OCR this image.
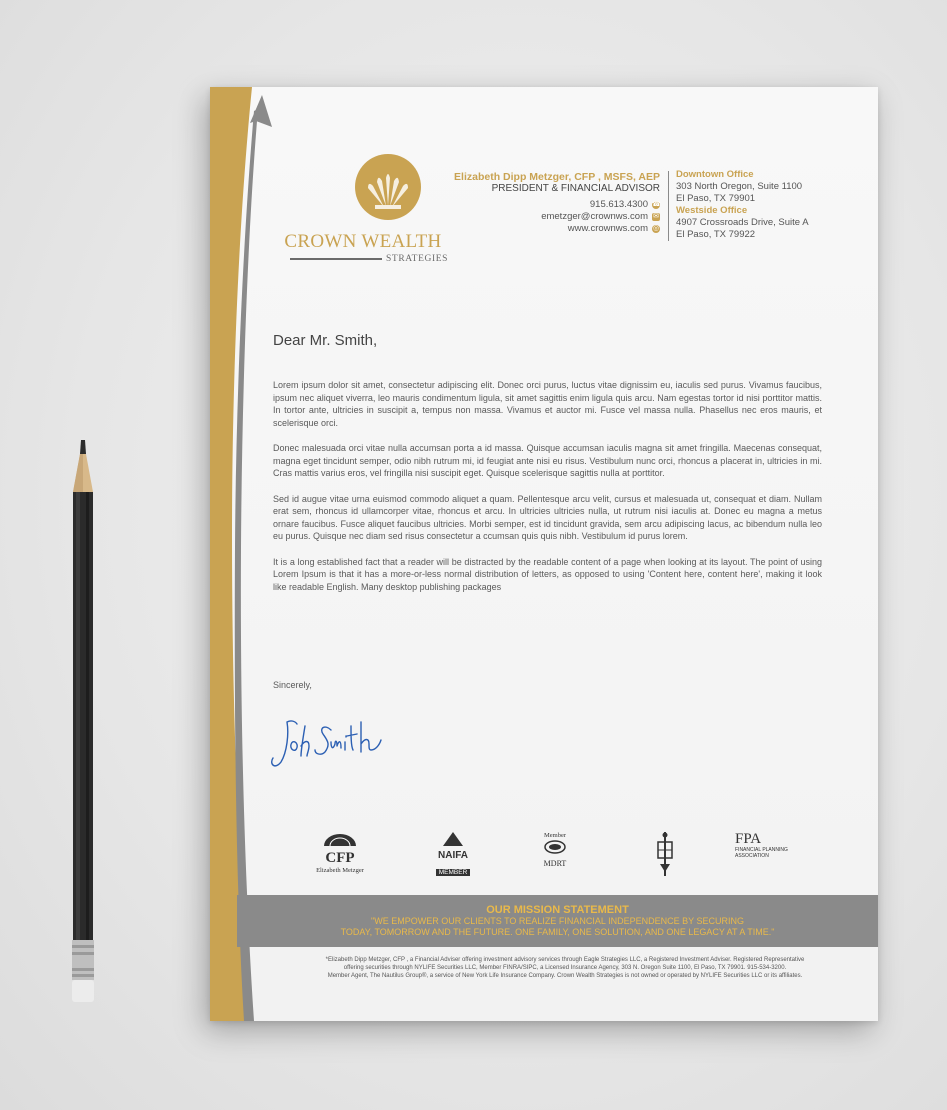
CROWN WEALTH
STRATEGIES
Elizabeth Dipp Metzger, CFP , MSFS, AEP
PRESIDENT & FINANCIAL ADVISOR
915.613.4300 ☎
emetzger@crownws.com ✉
www.crownws.com ◎
Downtown Office
303 North Oregon, Suite 1100
El Paso, TX 79901
Westside Office
4907 Crossroads Drive, Suite A
El Paso, TX 79922
Dear Mr. Smith,

Lorem ipsum dolor sit amet, consectetur adipiscing elit. Donec orci purus, luctus vitae dignissim eu, iaculis sed purus. Vivamus faucibus, ipsum nec aliquet viverra, leo mauris condimentum ligula, sit amet sagittis enim ligula quis arcu. Nam egestas tortor id nisi porttitor mattis. In tortor ante, ultricies in suscipit a, tempus non massa. Vivamus et auctor mi. Fusce vel massa nulla. Phasellus nec eros mauris, et scelerisque orci.

Donec malesuada orci vitae nulla accumsan porta a id massa. Quisque accumsan iaculis magna sit amet fringilla. Maecenas consequat, magna eget tincidunt semper, odio nibh rutrum mi, id feugiat ante nisi eu risus. Vestibulum nunc orci, rhoncus a placerat in, ultricies in mi. Cras mattis varius eros, vel fringilla nisi suscipit eget. Quisque scelerisque sagittis nulla at porttitor.

Sed id augue vitae urna euismod commodo aliquet a quam. Pellentesque arcu velit, cursus et malesuada ut, consequat et diam. Nullam erat sem, rhoncus id ullamcorper vitae, rhoncus et arcu. In ultricies ultricies nulla, ut rutrum nisi iaculis at. Donec eu magna a metus ornare faucibus. Fusce aliquet faucibus ultricies. Morbi semper, est id tincidunt gravida, sem arcu adipiscing lacus, ac bibendum nulla leo eu purus. Quisque nec diam sed risus consectetur a ccumsan quis quis nibh. Vestibulum id purus lorem.

It is a long established fact that a reader will be distracted by the readable content of a page when looking at its layout. The point of using Lorem Ipsum is that it has a more-or-less normal distribution of letters, as opposed to using 'Content here, content here', making it look like readable English. Many desktop publishing packages

Sincerely,
CFP
Elizabeth Metzger
NAIFA
MEMBER
Member
MDRT
FPA
FINANCIAL PLANNING
ASSOCIATION
OUR MISSION STATEMENT
"WE EMPOWER OUR CLIENTS TO REALIZE FINANCIAL INDEPENDENCE BY SECURING
TODAY, TOMORROW AND THE FUTURE. ONE FAMILY, ONE SOLUTION, AND ONE LEGACY AT A TIME."
*Elizabeth Dipp Metzger, CFP , a Financial Adviser offering investment advisory services through Eagle Strategies LLC, a Registered Investment Adviser. Registered Representative
offering securities through NYLIFE Securities LLC, Member FINRA/SIPC, a Licensed Insurance Agency, 303 N. Oregon Suite 1100, El Paso, TX 79901. 915-534-3200.
Member Agent, The Nautilus Group®, a service of New York Life Insurance Company. Crown Wealth Strategies is not owned or operated by NYLIFE Securities LLC or its affiliates.
